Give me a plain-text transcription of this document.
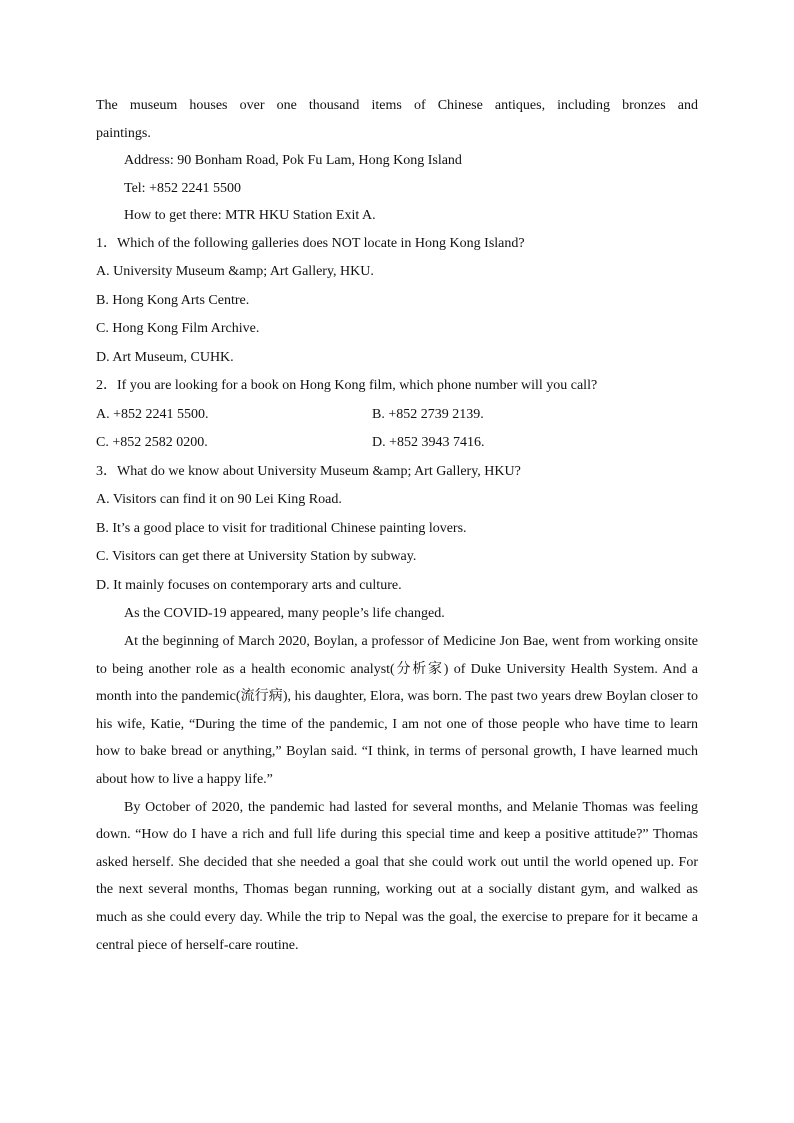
The museum houses over one thousand items of Chinese antiques, including bronzes and
paintings.
Address: 90 Bonham Road, Pok Fu Lam, Hong Kong Island
Tel: +852 2241 5500
How to get there: MTR HKU Station Exit A.
1．Which of the following galleries does NOT locate in Hong Kong Island?
A. University Museum &amp; Art Gallery, HKU.
B. Hong Kong Arts Centre.
C. Hong Kong Film Archive.
D. Art Museum, CUHK.
2．If you are looking for a book on Hong Kong film, which phone number will you call?
A. +852 2241 5500.	B. +852 2739 2139.
C. +852 2582 0200.	D. +852 3943 7416.
3．What do we know about University Museum &amp; Art Gallery, HKU?
A. Visitors can find it on 90 Lei King Road.
B. It’s a good place to visit for traditional Chinese painting lovers.
C. Visitors can get there at University Station by subway.
D. It mainly focuses on contemporary arts and culture.
As the COVID-19 appeared, many people’s life changed.
At the beginning of March 2020, Boylan, a professor of Medicine Jon Bae, went from working onsite to being another role as a health economic analyst(分析家) of Duke University Health System. And a month into the pandemic(流行病), his daughter, Elora, was born. The past two years drew Boylan closer to his wife, Katie, “During the time of the pandemic, I am not one of those people who have time to learn how to bake bread or anything,” Boylan said. “I think, in terms of personal growth, I have learned much about how to live a happy life.”
By October of 2020, the pandemic had lasted for several months, and Melanie Thomas was feeling down. “How do I have a rich and full life during this special time and keep a positive attitude?” Thomas asked herself. She decided that she needed a goal that she could work out until the world opened up. For the next several months, Thomas began running, working out at a socially distant gym, and walked as much as she could every day. While the trip to Nepal was the goal, the exercise to prepare for it became a central piece of herself-care routine.
